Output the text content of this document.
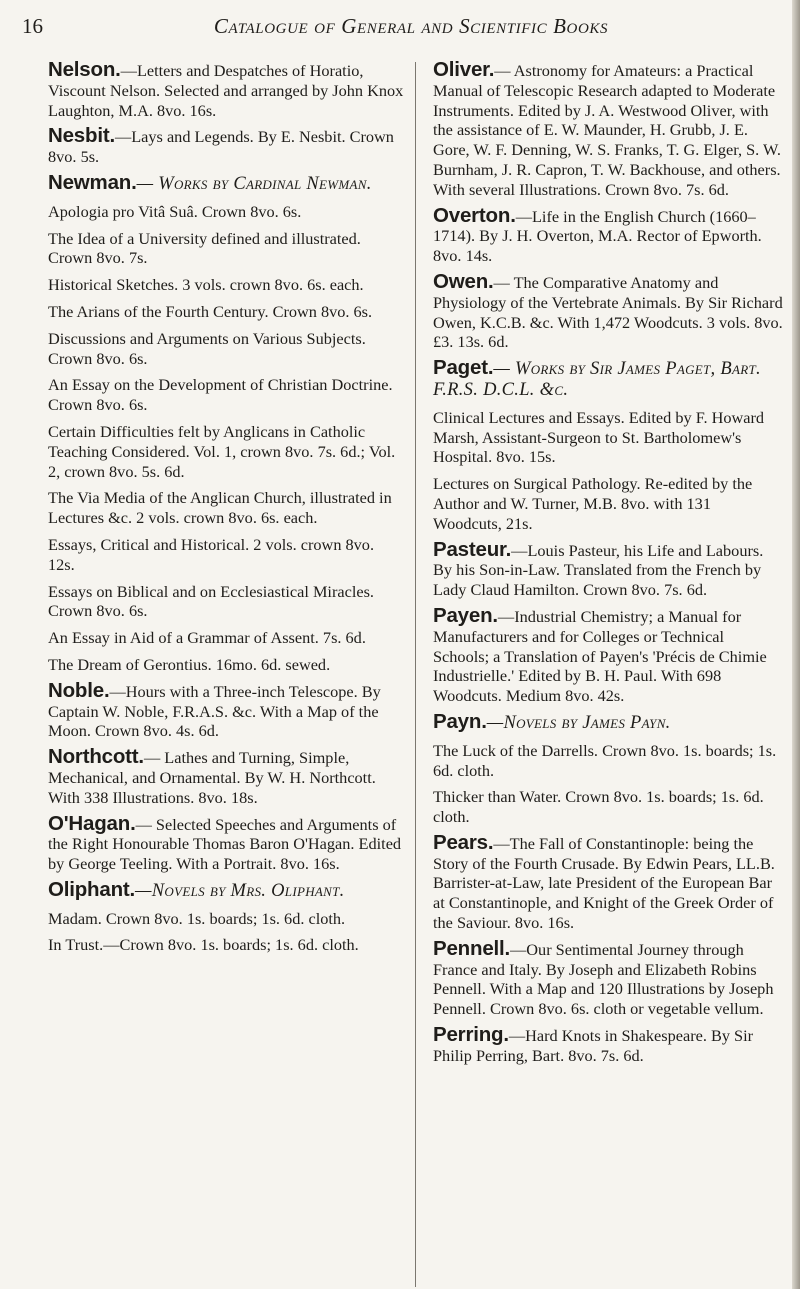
16	Catalogue of General and Scientific Books
Nelson.—Letters and Despatches of Horatio, Viscount Nelson. Selected and arranged by John Knox Laughton, M.A. 8vo. 16s.
Nesbit.—Lays and Legends. By E. Nesbit. Crown 8vo. 5s.
Newman.— Works by Cardinal Newman.
Apologia pro Vitâ Suâ. Crown 8vo. 6s.
The Idea of a University defined and illustrated. Crown 8vo. 7s.
Historical Sketches. 3 vols. crown 8vo. 6s. each.
The Arians of the Fourth Century. Crown 8vo. 6s.
Discussions and Arguments on Various Subjects. Crown 8vo. 6s.
An Essay on the Development of Christian Doctrine. Crown 8vo. 6s.
Certain Difficulties felt by Anglicans in Catholic Teaching Considered. Vol. 1, crown 8vo. 7s. 6d.; Vol. 2, crown 8vo. 5s. 6d.
The Via Media of the Anglican Church, illustrated in Lectures &c. 2 vols. crown 8vo. 6s. each.
Essays, Critical and Historical. 2 vols. crown 8vo. 12s.
Essays on Biblical and on Ecclesiastical Miracles. Crown 8vo. 6s.
An Essay in Aid of a Grammar of Assent. 7s. 6d.
The Dream of Gerontius. 16mo. 6d. sewed.
Noble.—Hours with a Three-inch Telescope. By Captain W. Noble, F.R.A.S. &c. With a Map of the Moon. Crown 8vo. 4s. 6d.
Northcott.— Lathes and Turning, Simple, Mechanical, and Ornamental. By W. H. Northcott. With 338 Illustrations. 8vo. 18s.
O'Hagan.— Selected Speeches and Arguments of the Right Honourable Thomas Baron O'Hagan. Edited by George Teeling. With a Portrait. 8vo. 16s.
Oliphant.—Novels by Mrs. Oliphant.
Madam. Crown 8vo. 1s. boards; 1s. 6d. cloth.
In Trust.—Crown 8vo. 1s. boards; 1s. 6d. cloth.
Oliver.— Astronomy for Amateurs: a Practical Manual of Telescopic Research adapted to Moderate Instruments. Edited by J. A. Westwood Oliver, with the assistance of E. W. Maunder, H. Grubb, J. E. Gore, W. F. Denning, W. S. Franks, T. G. Elger, S. W. Burnham, J. R. Capron, T. W. Backhouse, and others. With several Illustrations. Crown 8vo. 7s. 6d.
Overton.—Life in the English Church (1660–1714). By J. H. Overton, M.A. Rector of Epworth. 8vo. 14s.
Owen.— The Comparative Anatomy and Physiology of the Vertebrate Animals. By Sir Richard Owen, K.C.B. &c. With 1,472 Woodcuts. 3 vols. 8vo. £3. 13s. 6d.
Paget.— Works by Sir James Paget, Bart. F.R.S. D.C.L. &c.
Clinical Lectures and Essays. Edited by F. Howard Marsh, Assistant-Surgeon to St. Bartholomew's Hospital. 8vo. 15s.
Lectures on Surgical Pathology. Re-edited by the Author and W. Turner, M.B. 8vo. with 131 Woodcuts, 21s.
Pasteur.—Louis Pasteur, his Life and Labours. By his Son-in-Law. Translated from the French by Lady Claud Hamilton. Crown 8vo. 7s. 6d.
Payen.—Industrial Chemistry; a Manual for Manufacturers and for Colleges or Technical Schools; a Translation of Payen's 'Précis de Chimie Industrielle.' Edited by B. H. Paul. With 698 Woodcuts. Medium 8vo. 42s.
Payn.—Novels by James Payn.
The Luck of the Darrells. Crown 8vo. 1s. boards; 1s. 6d. cloth.
Thicker than Water. Crown 8vo. 1s. boards; 1s. 6d. cloth.
Pears.—The Fall of Constantinople: being the Story of the Fourth Crusade. By Edwin Pears, LL.B. Barrister-at-Law, late President of the European Bar at Constantinople, and Knight of the Greek Order of the Saviour. 8vo. 16s.
Pennell.—Our Sentimental Journey through France and Italy. By Joseph and Elizabeth Robins Pennell. With a Map and 120 Illustrations by Joseph Pennell. Crown 8vo. 6s. cloth or vegetable vellum.
Perring.—Hard Knots in Shakespeare. By Sir Philip Perring, Bart. 8vo. 7s. 6d.
